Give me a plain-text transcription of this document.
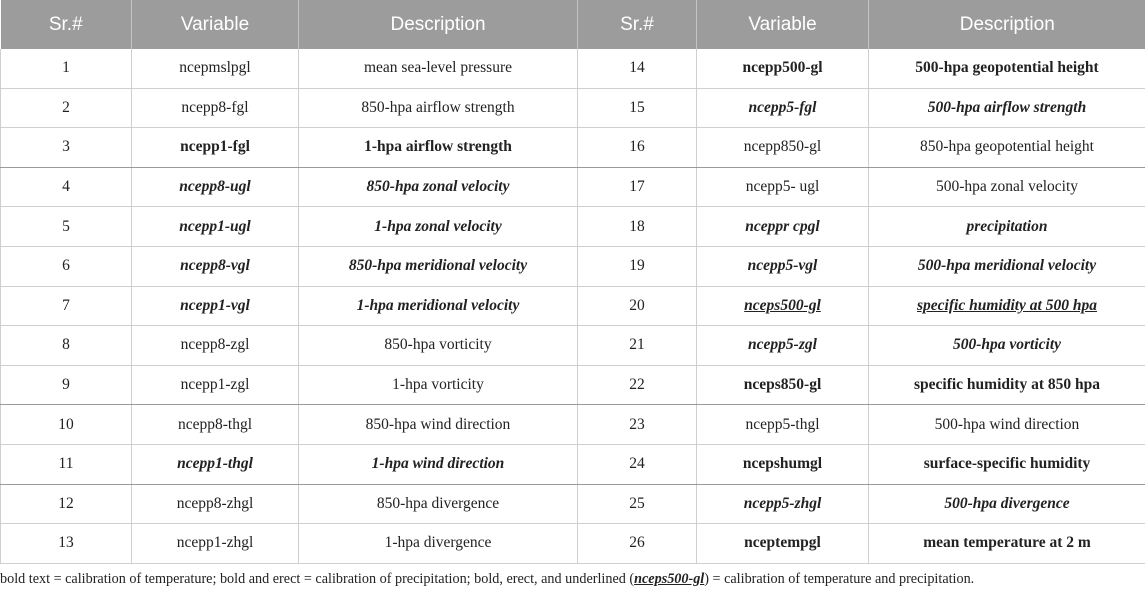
Sr.#	Variable	Description	Sr.#	Variable	Description
1	ncepmslpgl	mean sea-level pressure	14	ncepp500-gl	500-hpa geopotential height
2	ncepp8-fgl	850-hpa airflow strength	15	ncepp5-fgl	500-hpa airflow strength
3	ncepp1-fgl	1-hpa airflow strength	16	ncepp850-gl	850-hpa geopotential height
4	ncepp8-ugl	850-hpa zonal velocity	17	ncepp5- ugl	500-hpa zonal velocity
5	ncepp1-ugl	1-hpa zonal velocity	18	nceppr cpgl	precipitation
6	ncepp8-vgl	850-hpa meridional velocity	19	ncepp5-vgl	500-hpa meridional velocity
7	ncepp1-vgl	1-hpa meridional velocity	20	nceps500-gl	specific humidity at 500 hpa
8	ncepp8-zgl	850-hpa vorticity	21	ncepp5-zgl	500-hpa vorticity
9	ncepp1-zgl	1-hpa vorticity	22	nceps850-gl	specific humidity at 850 hpa
10	ncepp8-thgl	850-hpa wind direction	23	ncepp5-thgl	500-hpa wind direction
11	ncepp1-thgl	1-hpa wind direction	24	ncepshumgl	surface-specific humidity
12	ncepp8-zhgl	850-hpa divergence	25	ncepp5-zhgl	500-hpa divergence
13	ncepp1-zhgl	1-hpa divergence	26	nceptempgl	mean temperature at 2 m
bold text = calibration of temperature; bold and erect = calibration of precipitation; bold, erect, and underlined (nceps500-gl) = calibration of temperature and precipitation.
